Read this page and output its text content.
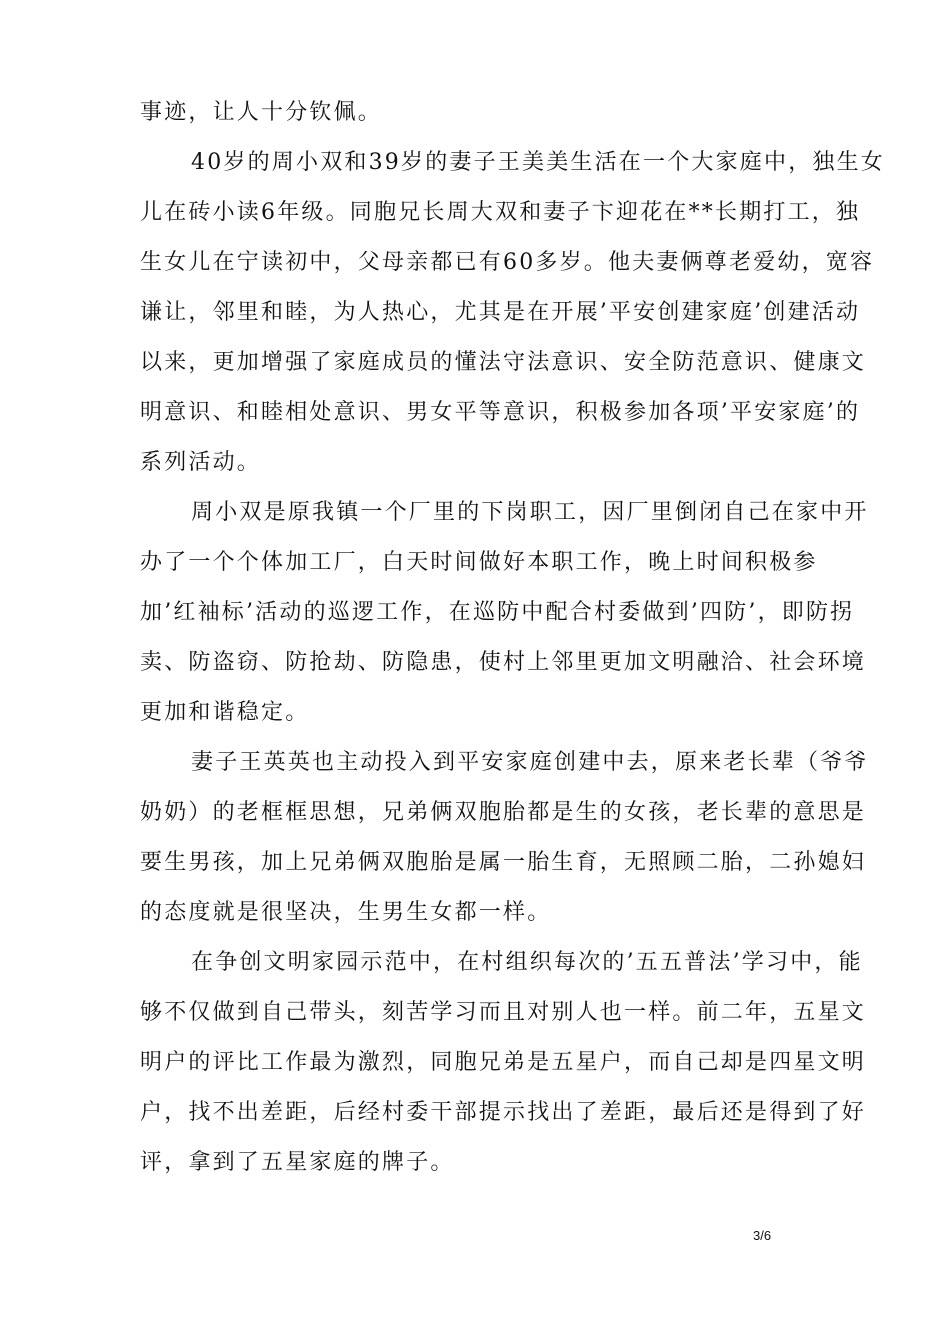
事迹，让人十分钦佩。
40岁的周小双和39岁的妻子王美美生活在一个大家庭中，独生女
儿在砖小读6年级。同胞兄长周大双和妻子卞迎花在**长期打工，独
生女儿在宁读初中，父母亲都已有60多岁。他夫妻俩尊老爱幼，宽容
谦让，邻里和睦，为人热心，尤其是在开展’平安创建家庭’创建活动
以来，更加增强了家庭成员的懂法守法意识、安全防范意识、健康文
明意识、和睦相处意识、男女平等意识，积极参加各项’平安家庭’的
系列活动。
周小双是原我镇一个厂里的下岗职工，因厂里倒闭自己在家中开
办了一个个体加工厂，白天时间做好本职工作，晚上时间积极参
加’红袖标’活动的巡逻工作，在巡防中配合村委做到’四防’，即防拐
卖、防盗窃、防抢劫、防隐患，使村上邻里更加文明融洽、社会环境
更加和谐稳定。
妻子王英英也主动投入到平安家庭创建中去，原来老长辈（爷爷
奶奶）的老框框思想，兄弟俩双胞胎都是生的女孩，老长辈的意思是
要生男孩，加上兄弟俩双胞胎是属一胎生育，无照顾二胎，二孙媳妇
的态度就是很坚决，生男生女都一样。
在争创文明家园示范中，在村组织每次的’五五普法’学习中，能
够不仅做到自己带头，刻苦学习而且对别人也一样。前二年，五星文
明户的评比工作最为激烈，同胞兄弟是五星户，而自己却是四星文明
户，找不出差距，后经村委干部提示找出了差距，最后还是得到了好
评，拿到了五星家庭的牌子。
3/6
